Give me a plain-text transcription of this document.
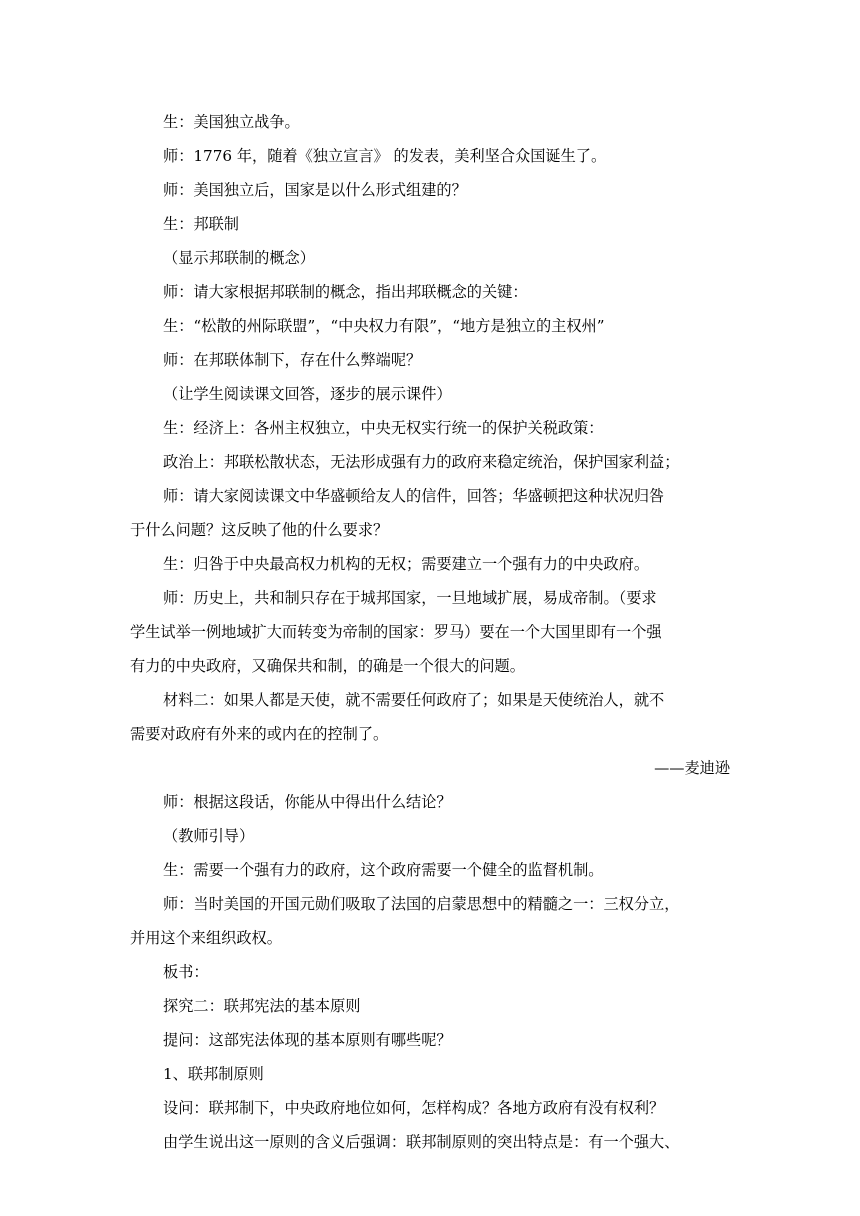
生：美国独立战争。

师：1776 年，随着《独立宣言》 的发表，美利坚合众国诞生了。

师：美国独立后，国家是以什么形式组建的？

生：邦联制

（显示邦联制的概念）

师：请大家根据邦联制的概念，指出邦联概念的关键：

生：“松散的州际联盟”，“中央权力有限”，“地方是独立的主权州”

师：在邦联体制下，存在什么弊端呢？

（让学生阅读课文回答，逐步的展示课件）

生：经济上：各州主权独立，中央无权实行统一的保护关税政策：

政治上：邦联松散状态，无法形成强有力的政府来稳定统治，保护国家利益；

师：请大家阅读课文中华盛顿给友人的信件，回答；华盛顿把这种状况归咎

于什么问题？这反映了他的什么要求？

生：归咎于中央最高权力机构的无权；需要建立一个强有力的中央政府。

师：历史上，共和制只存在于城邦国家，一旦地域扩展，易成帝制。（要求

学生试举一例地域扩大而转变为帝制的国家：罗马）要在一个大国里即有一个强

有力的中央政府，又确保共和制，的确是一个很大的问题。

材料二：如果人都是天使，就不需要任何政府了；如果是天使统治人，就不

需要对政府有外来的或内在的控制了。

——麦迪逊

师：根据这段话，你能从中得出什么结论？

（教师引导）

生：需要一个强有力的政府，这个政府需要一个健全的监督机制。

师：当时美国的开国元勋们吸取了法国的启蒙思想中的精髓之一：三权分立，

并用这个来组织政权。

板书：

探究二：联邦宪法的基本原则

提问：这部宪法体现的基本原则有哪些呢？

1、联邦制原则

设问：联邦制下，中央政府地位如何，怎样构成？各地方政府有没有权利？

由学生说出这一原则的含义后强调：联邦制原则的突出特点是：有一个强大、
